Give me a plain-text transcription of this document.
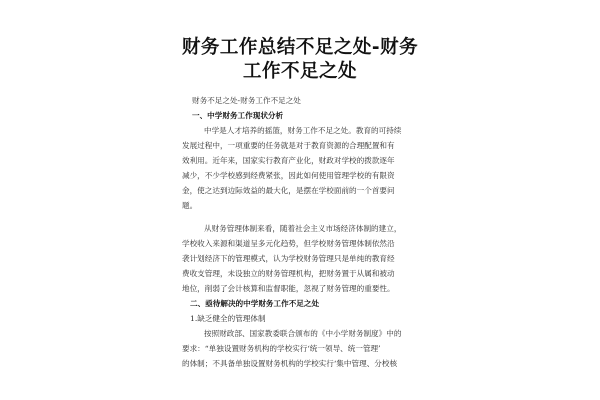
财务工作总结不足之处-财务
工作不足之处

财务不足之处-财务工作不足之处

一、中学财务工作现状分析

中学是人才培养的摇篮，财务工作不足之处。教育的可持续

发展过程中，一项重要的任务就是对于教育资源的合理配置和有

效利用。近年来，国家实行教育产业化，财政对学校的拨款逐年

减少，不少学校感到经费紧张，因此如何使用管理学校的有限资

金，使之达到边际效益的最大化，是摆在学校面前的一个首要问

题。

从财务管理体制来看，随着社会主义市场经济体制的建立，

学校收入来源和渠道呈多元化趋势，但学校财务管理体制依然沿

袭计划经济下的管理模式，认为学校财务管理只是单纯的教育经

费收支管理，未设独立的财务管理机构，把财务置于从属和被动

地位，削弱了会计核算和监督职能，忽视了财务管理的重要性。

二、亟待解决的中学财务工作不足之处

1.缺乏健全的管理体制

按照财政部、国家教委联合颁布的《中小学财务制度》中的

要求：“单独设置财务机构的学校实行‘统一领导、统一管理’

的体制；不具备单独设置财务机构的学校实行‘集中管理、分校核
